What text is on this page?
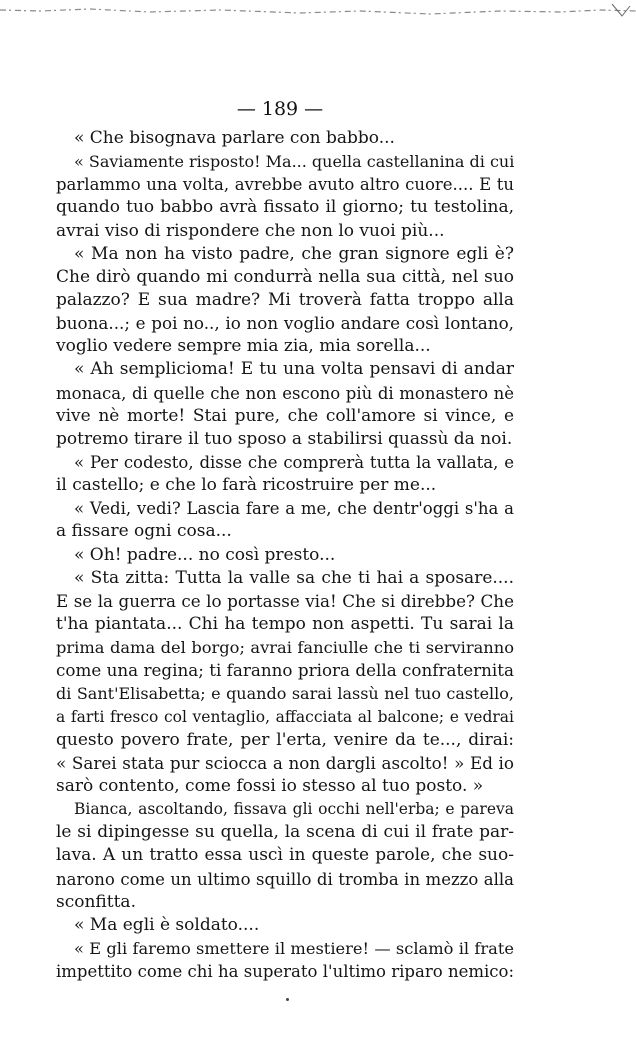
— 189 —
« Che bisognava parlare con babbo...
« Saviamente risposto! Ma... quella castellanina di cui
parlammo una volta, avrebbe avuto altro cuore.... E tu
quando tuo babbo avrà fissato il giorno; tu testolina,
avrai viso di rispondere che non lo vuoi più...
« Ma non ha visto padre, che gran signore egli è?
Che dirò quando mi condurrà nella sua città, nel suo
palazzo? E sua madre? Mi troverà fatta troppo alla
buona...; e poi no.., io non voglio andare così lontano,
voglio vedere sempre mia zia, mia sorella...
« Ah semplicioma! E tu una volta pensavi di andar
monaca, di quelle che non escono più di monastero nè
vive nè morte! Stai pure, che coll'amore si vince, e
potremo tirare il tuo sposo a stabilirsi quassù da noi.
« Per codesto, disse che comprerà tutta la vallata, e
il castello; e che lo farà ricostruire per me...
« Vedi, vedi? Lascia fare a me, che dentr'oggi s'ha a
a fissare ogni cosa...
« Oh! padre... no così presto...
« Sta zitta: Tutta la valle sa che ti hai a sposare....
E se la guerra ce lo portasse via! Che si direbbe? Che
t'ha piantata... Chi ha tempo non aspetti. Tu sarai la
prima dama del borgo; avrai fanciulle che ti serviranno
come una regina; ti faranno priora della confraternita
di Sant'Elisabetta; e quando sarai lassù nel tuo castello,
a farti fresco col ventaglio, affacciata al balcone; e vedrai
questo povero frate, per l'erta, venire da te..., dirai:
« Sarei stata pur sciocca a non dargli ascolto! » Ed io
sarò contento, come fossi io stesso al tuo posto. »
Bianca, ascoltando, fissava gli occhi nell'erba; e pareva
le si dipingesse su quella, la scena di cui il frate par-
lava. A un tratto essa uscì in queste parole, che suo-
narono come un ultimo squillo di tromba in mezzo alla
sconfitta.
« Ma egli è soldato....
« E gli faremo smettere il mestiere! — sclamò il frate
impettito come chi ha superato l'ultimo riparo nemico:
